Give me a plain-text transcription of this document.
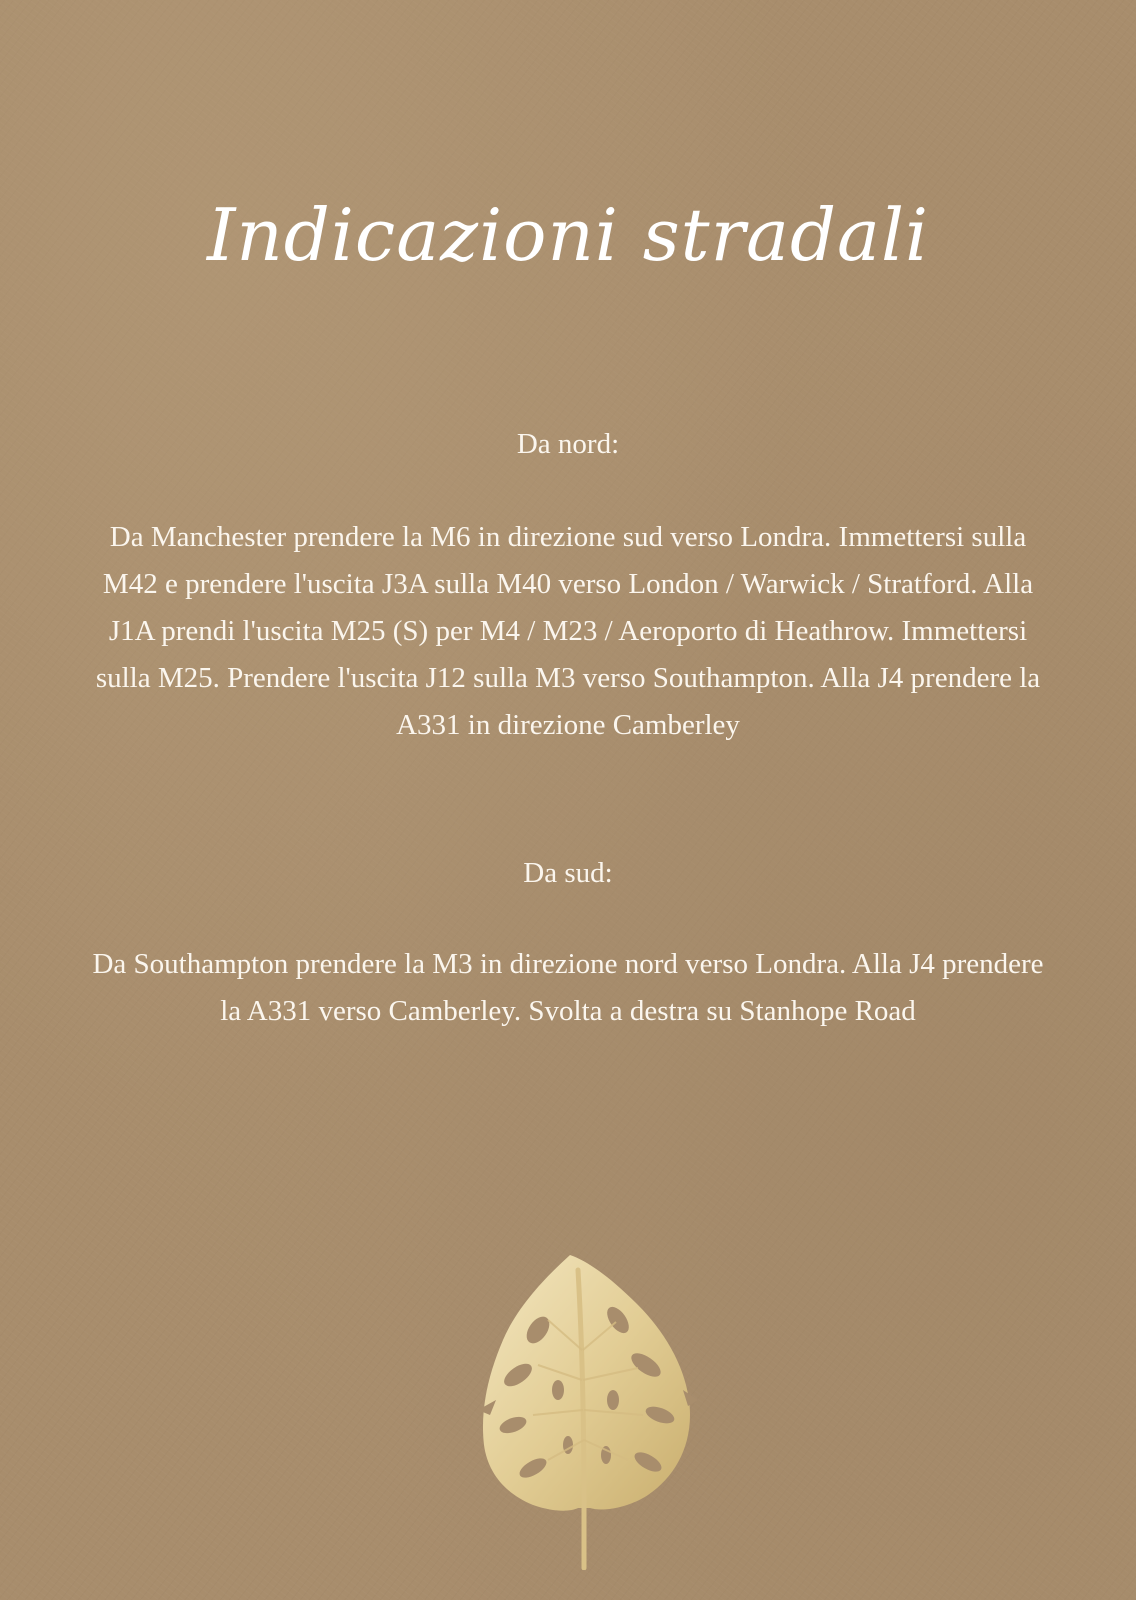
Indicazioni stradali

Da nord:

Da Manchester prendere la M6 in direzione sud verso Londra. Immettersi sulla M42 e prendere l'uscita J3A sulla M40 verso London / Warwick / Stratford. Alla J1A prendi l'uscita M25 (S) per M4 / M23 / Aeroporto di Heathrow. Immettersi sulla M25. Prendere l'uscita J12 sulla M3 verso Southampton. Alla J4 prendere la A331 in direzione Camberley

Da sud:

Da Southampton prendere la M3 in direzione nord verso Londra. Alla J4 prendere la A331 verso Camberley. Svolta a destra su Stanhope Road
